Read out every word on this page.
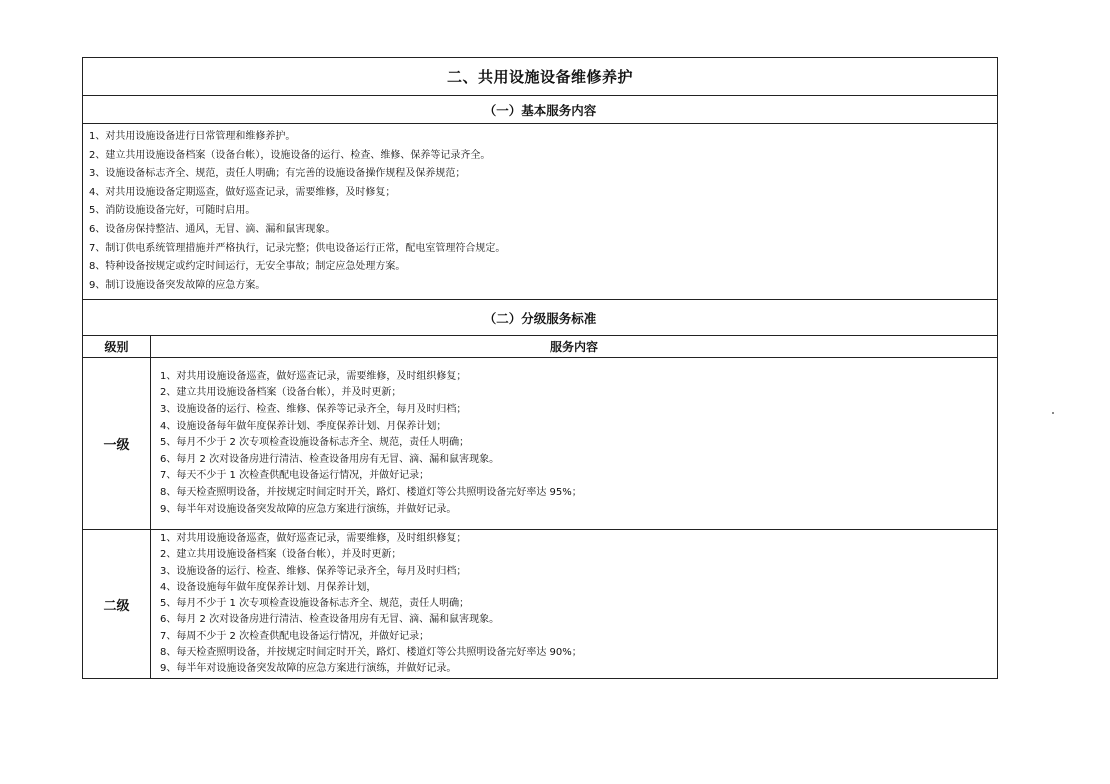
二、共用设施设备维修养护
（一）基本服务内容
1、对共用设施设备进行日常管理和维修养护。
2、建立共用设施设备档案（设备台帐），设施设备的运行、检查、维修、保养等记录齐全。
3、设施设备标志齐全、规范，责任人明确；有完善的设施设备操作规程及保养规范；
4、对共用设施设备定期巡查，做好巡查记录，需要维修，及时修复；
5、消防设施设备完好，可随时启用。
6、设备房保持整洁、通风，无冒、滴、漏和鼠害现象。
7、制订供电系统管理措施并严格执行，记录完整；供电设备运行正常，配电室管理符合规定。
8、特种设备按规定或约定时间运行，无安全事故；制定应急处理方案。
9、制订设施设备突发故障的应急方案。
（二）分级服务标准
级别	服务内容
一级
1、对共用设施设备巡查，做好巡查记录，需要维修，及时组织修复；
2、建立共用设施设备档案（设备台帐），并及时更新；
3、设施设备的运行、检查、维修、保养等记录齐全，每月及时归档；
4、设施设备每年做年度保养计划、季度保养计划、月保养计划；
5、每月不少于 2 次专项检查设施设备标志齐全、规范，责任人明确；
6、每月 2 次对设备房进行清洁、检查设备用房有无冒、滴、漏和鼠害现象。
7、每天不少于 1 次检查供配电设备运行情况，并做好记录；
8、每天检查照明设备，并按规定时间定时开关，路灯、楼道灯等公共照明设备完好率达 95%；
9、每半年对设施设备突发故障的应急方案进行演练，并做好记录。
二级
1、对共用设施设备巡查，做好巡查记录，需要维修，及时组织修复；
2、建立共用设施设备档案（设备台帐），并及时更新；
3、设施设备的运行、检查、维修、保养等记录齐全，每月及时归档；
4、设备设施每年做年度保养计划、月保养计划，
5、每月不少于 1 次专项检查设施设备标志齐全、规范，责任人明确；
6、每月 2 次对设备房进行清洁、检查设备用房有无冒、滴、漏和鼠害现象。
7、每周不少于 2 次检查供配电设备运行情况，并做好记录；
8、每天检查照明设备，并按规定时间定时开关，路灯、楼道灯等公共照明设备完好率达 90%；
9、每半年对设施设备突发故障的应急方案进行演练，并做好记录。
